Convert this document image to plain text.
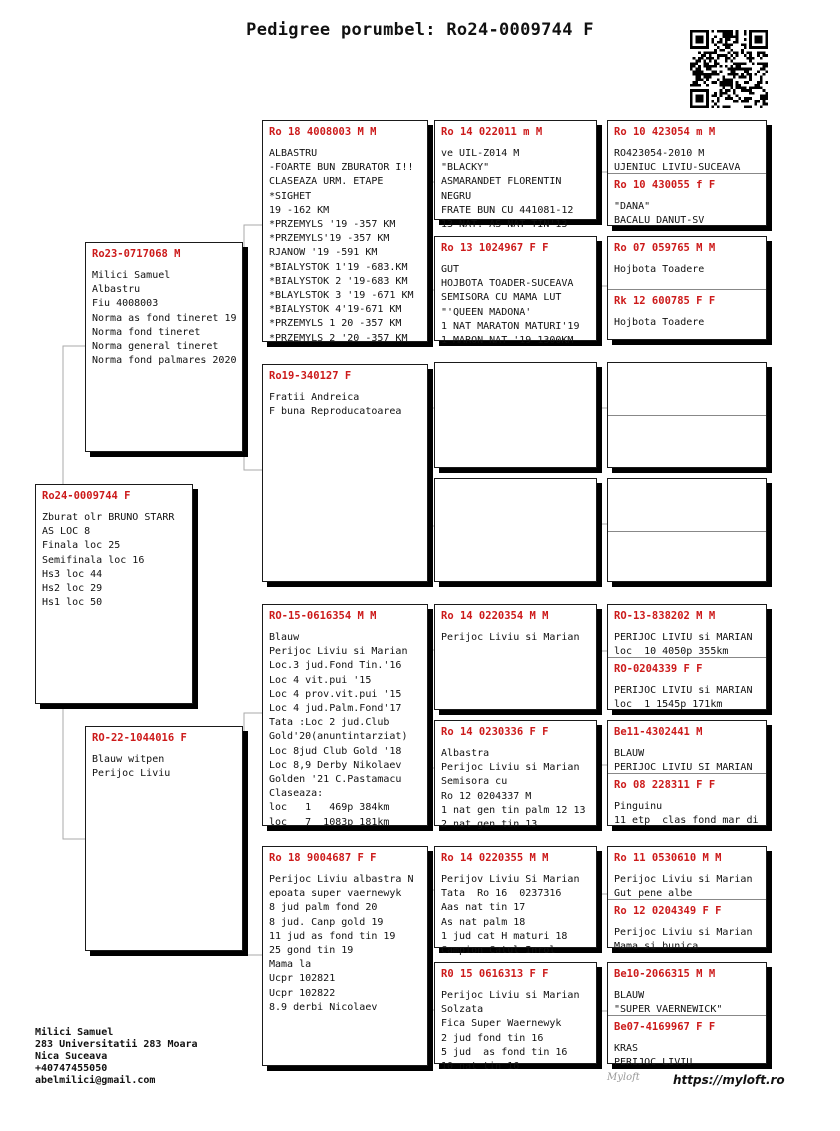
Pedigree porumbel: Ro24-0009744 F
Ro24-0009744 F
Zburat olr BRUNO STARR
AS LOC 8
Finala loc 25
Semifinala loc 16
Hs3 loc 44
Hs2 loc 29
Hs1 loc 50
Ro23-0717068 M
Milici Samuel
Albastru
Fiu 4008003
Norma as fond tineret 19
Norma fond tineret
Norma general tineret
Norma fond palmares 2020
RO-22-1044016 F
Blauw witpen
Perijoc Liviu
Ro 18 4008003 M M
ALBASTRU
-FOARTE BUN ZBURATOR I!!
CLASEAZA URM. ETAPE
*SIGHET
19 -162 KM
*PRZEMYLS '19 -357 KM
*PRZEMYLS'19 -357 KM
RJANOW '19 -591 KM
*BIALYSTOK 1'19 -683.KM
*BIALYSTOK 2 '19-683 KM
*BLAYLSTOK 3 '19 -671 KM
*BIALYSTOK 4'19-671 KM
*PRZEMYLS 1 20 -357 KM
*PRZEMYLS 2 '20 -357 KM
Ro19-340127 F
Fratii Andreica
F buna Reproducatoarea
RO-15-0616354 M M
Blauw
Perijoc Liviu si Marian
Loc.3 jud.Fond Tin.'16
Loc 4 vit.pui '15
Loc 4 prov.vit.pui '15
Loc 4 jud.Palm.Fond'17
Tata :Loc 2 jud.Club
Gold'20(anuntintarziat)
Loc 8jud Club Gold '18
Loc 8,9 Derby Nikolaev
Golden '21 C.Pastamacu
Claseaza:
loc   1   469p 384km
loc   7  1083p 181km
Ro 18 9004687 F F
Perijoc Liviu albastra N
epoata super vaernewyk
8 jud palm fond 20
8 jud. Canp gold 19
11 jud as fond tin 19
25 gond tin 19
Mama la
Ucpr 102821
Ucpr 102822
8.9 derbi Nicolaev
Ro 14 022011 m M
ve UIL-Z014 M
"BLACKY"
ASMARANDET FLORENTIN
NEGRU
FRATE BUN CU 441081-12
13 NAT. AS NAT TIN'13
Ro 13 1024967 F F
GUT
HOJBOTA TOADER-SUCEAVA
SEMISORA CU MAMA LUT
"'QUEEN MADONA'
1 NAT MARATON MATURI'19
1 MARON NAT '19 1300KM
Ro 14 0220354 M M
Perijoc Liviu si Marian
Ro 14 0230336 F F
Albastra
Perijoc Liviu si Marian
Semisora cu
Ro 12 0204337 M
1 nat gen tin palm 12 13
2 nat gen tin 13
Ro 14 0220355 M M
Perijov Liviu Si Marian
Tata  Ro 16  0237316
Aas nat tin 17
As nat palm 18
1 jud cat H maturi 18
Campion Catul Inrol
R0 15 0616313 F F
Perijoc Liviu si Marian
Solzata
Fica Super Waernewyk
2 jud fond tin 16
5 jud  as fond tin 16
10 nat tin 16
Ro 10 423054 m M
RO423054-2010 M
UJENIUC LIVIU-SUCEAVA
Ro 10 430055 f F
"DANA"
BACALU DANUT-SV
Ro 07 059765 M M
Hojbota Toadere
Rk 12 600785 F F
Hojbota Toadere
RO-13-838202 M M
PERIJOC LIVIU si MARIAN
loc  10 4050p 355km
RO-0204339 F F
PERIJOC LIVIU si MARIAN
loc  1 1545p 171km
Be11-4302441 M
BLAUW
PERIJOC LIVIU SI MARIAN
Ro 08 228311 F F
Pinguinu
11 etp  clas fond mar di
Ro 11 0530610 M M
Perijoc Liviu si Marian
Gut pene albe
Ro 12 0204349 F F
Perijoc Liviu si Marian
Mama si bunica
Be10-2066315 M M
BLAUW
"SUPER VAERNEWICK"
Be07-4169967 F F
KRAS
PERIJOC LIVIU
Milici Samuel
283 Universitatii 283 Moara
Nica Suceava
+40747455050
abelmilici@gmail.com	Myloft	https://myloft.ro
